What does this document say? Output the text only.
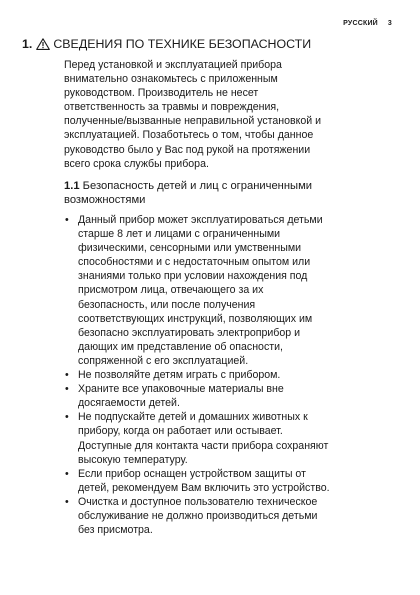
РУССКИЙ 3
1. СВЕДЕНИЯ ПО ТЕХНИКЕ БЕЗОПАСНОСТИ
Перед установкой и эксплуатацией прибора
внимательно ознакомьтесь с приложенным
руководством. Производитель не несет
ответственность за травмы и повреждения,
полученные/вызванные неправильной установкой и
эксплуатацией. Позаботьтесь о том, чтобы данное
руководство было у Вас под рукой на протяжении
всего срока службы прибора.
1.1 Безопасность детей и лиц с ограниченными
возможностями
• Данный прибор может эксплуатироваться детьми
старше 8 лет и лицами с ограниченными
физическими, сенсорными или умственными
способностями и с недостаточным опытом или
знаниями только при условии нахождения под
присмотром лица, отвечающего за их
безопасность, или после получения
соответствующих инструкций, позволяющих им
безопасно эксплуатировать электроприбор и
дающих им представление об опасности,
сопряженной с его эксплуатацией.
• Не позволяйте детям играть с прибором.
• Храните все упаковочные материалы вне
досягаемости детей.
• Не подпускайте детей и домашних животных к
прибору, когда он работает или остывает.
Доступные для контакта части прибора сохраняют
высокую температуру.
• Если прибор оснащен устройством защиты от
детей, рекомендуем Вам включить это устройство.
• Очистка и доступное пользователю техническое
обслуживание не должно производиться детьми
без присмотра.
